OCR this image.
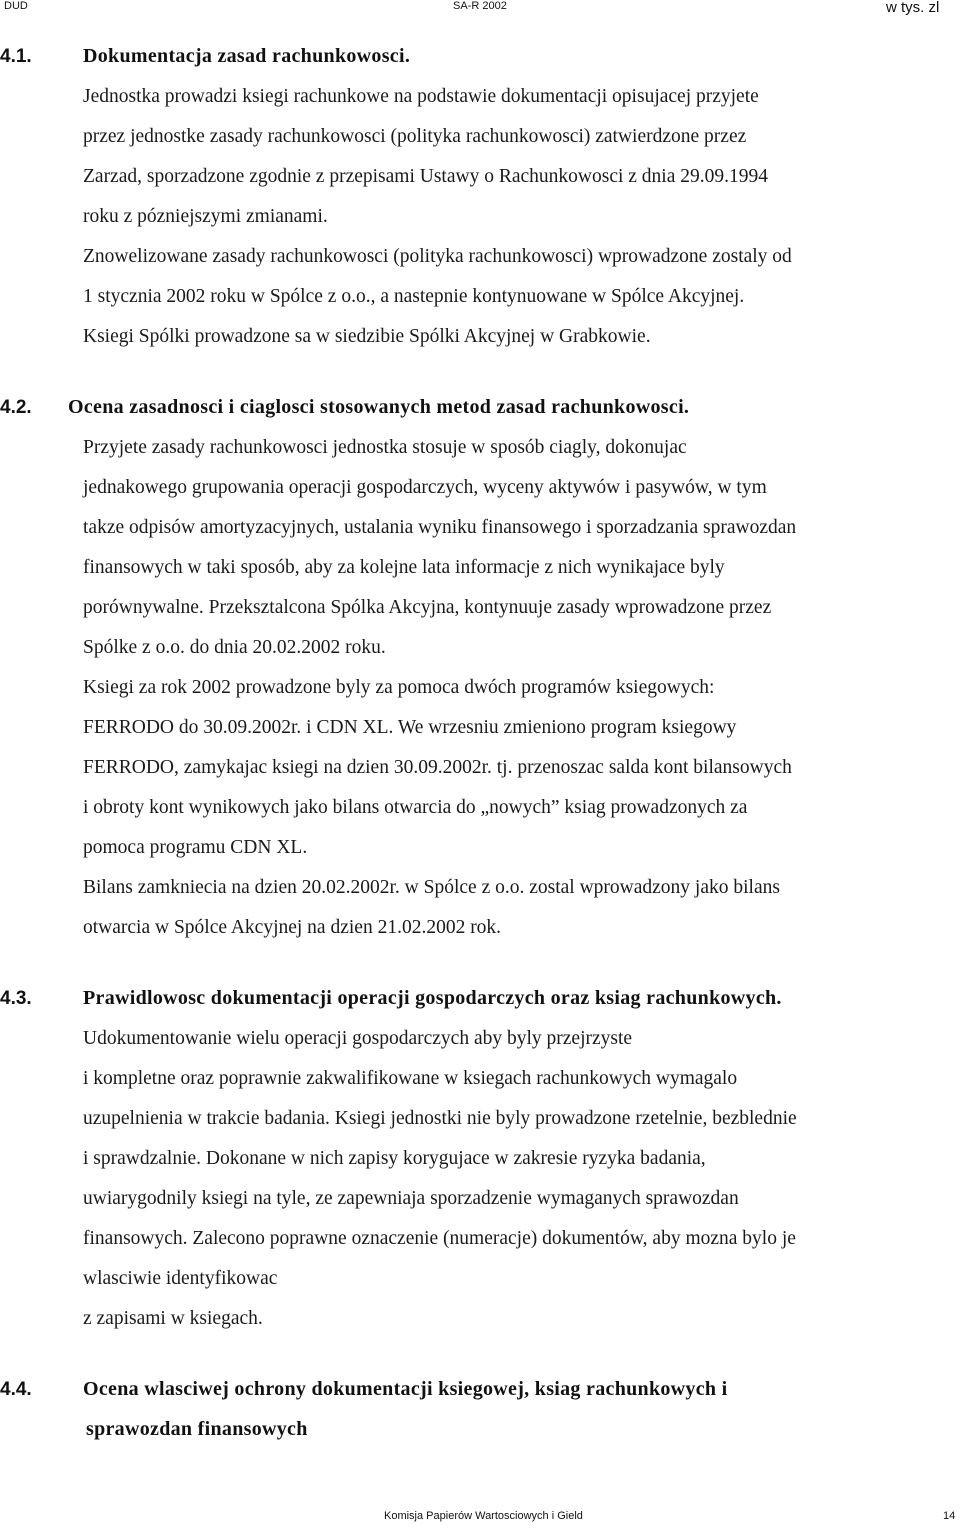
DUD	SA-R 2002	w tys. zl
4.1.	Dokumentacja zasad rachunkowosci.
Jednostka prowadzi ksiegi rachunkowe na podstawie dokumentacji opisujacej przyjete
przez jednostke zasady rachunkowosci (polityka rachunkowosci) zatwierdzone przez
Zarzad, sporzadzone zgodnie z przepisami Ustawy o Rachunkowosci z dnia 29.09.1994
roku z pózniejszymi zmianami.
Znowelizowane zasady rachunkowosci (polityka rachunkowosci) wprowadzone zostaly od
1 stycznia 2002 roku w Spólce z o.o., a nastepnie kontynuowane w Spólce Akcyjnej.
Ksiegi Spólki prowadzone sa w siedzibie Spólki Akcyjnej w Grabkowie.
4.2. Ocena zasadnosci i ciaglosci stosowanych metod zasad rachunkowosci.
Przyjete zasady rachunkowosci jednostka stosuje w sposób ciagly, dokonujac
jednakowego grupowania operacji gospodarczych, wyceny aktywów i pasywów, w tym
takze odpisów amortyzacyjnych, ustalania wyniku finansowego i sporzadzania sprawozdan
finansowych w taki sposób, aby za kolejne lata informacje z nich wynikajace byly
porównywalne. Przeksztalcona Spólka Akcyjna, kontynuuje zasady wprowadzone przez
Spólke z o.o. do dnia 20.02.2002 roku.
Ksiegi za rok 2002 prowadzone byly za pomoca dwóch programów ksiegowych:
FERRODO do 30.09.2002r. i CDN XL. We wrzesniu zmieniono program ksiegowy
FERRODO, zamykajac ksiegi na dzien 30.09.2002r. tj. przenoszac salda kont bilansowych
i obroty kont wynikowych jako bilans otwarcia do „nowych” ksiag prowadzonych za
pomoca programu CDN XL.
Bilans zamkniecia na dzien 20.02.2002r. w Spólce z o.o. zostal wprowadzony jako bilans
otwarcia w Spólce Akcyjnej na dzien 21.02.2002 rok.
4.3.	Prawidlowosc dokumentacji operacji gospodarczych oraz ksiag rachunkowych.
Udokumentowanie wielu operacji gospodarczych aby byly przejrzyste
i kompletne oraz poprawnie zakwalifikowane w ksiegach rachunkowych wymagalo
uzupelnienia w trakcie badania. Ksiegi jednostki nie byly prowadzone rzetelnie, bezblednie
i sprawdzalnie. Dokonane w nich zapisy korygujace w zakresie ryzyka badania,
uwiarygodnily ksiegi na tyle, ze zapewniaja sporzadzenie wymaganych sprawozdan
finansowych. Zalecono poprawne oznaczenie (numeracje) dokumentów, aby mozna bylo je
wlasciwie identyfikowac
z zapisami w ksiegach.
4.4.	Ocena wlasciwej ochrony dokumentacji ksiegowej, ksiag rachunkowych i
sprawozdan finansowych
Komisja Papierów Wartosciowych i Gield	14
